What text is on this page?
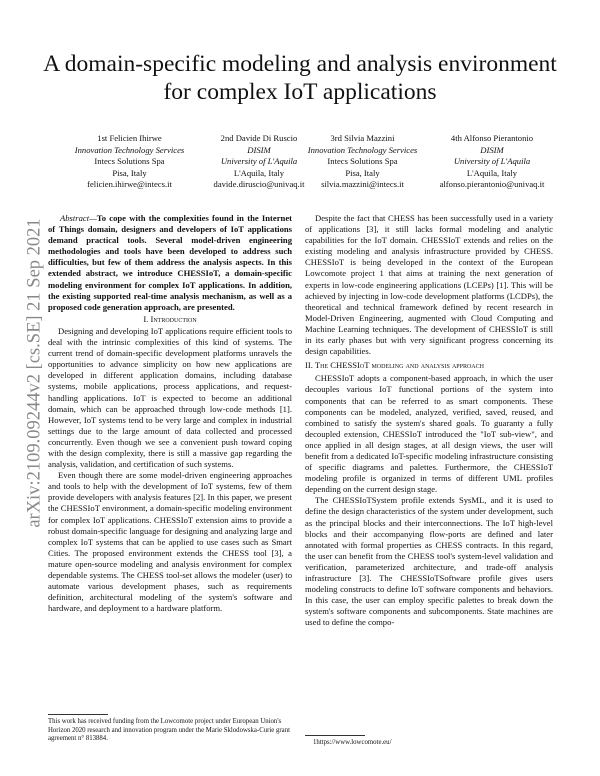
A domain-specific modeling and analysis environment for complex IoT applications
1st Felicien Ihirwe
Innovation Technology Services
Intecs Solutions Spa
Pisa, Italy
felicien.ihirwe@intecs.it
2nd Davide Di Ruscio
DISIM
University of L'Aquila
L'Aquila, Italy
davide.diruscio@univaq.it
3rd Silvia Mazzini
Innovation Technology Services
Intecs Solutions Spa
Pisa, Italy
silvia.mazzini@intecs.it
4th Alfonso Pierantonio
DISIM
University of L'Aquila
L'Aquila, Italy
alfonso.pierantonio@univaq.it
arXiv:2109.09244v2 [cs.SE] 21 Sep 2021

Abstract—To cope with the complexities found in the Internet of Things domain, designers and developers of IoT applications demand practical tools. Several model-driven engineering methodologies and tools have been developed to address such difficulties, but few of them address the analysis aspects. In this extended abstract, we introduce CHESSIoT, a domain-specific modeling environment for complex IoT applications. In addition, the existing supported real-time analysis mechanism, as well as a proposed code generation approach, are presented.

I. Introduction

Designing and developing IoT applications require efficient tools to deal with the intrinsic complexities of this kind of systems. The current trend of domain-specific development platforms unravels the opportunities to advance simplicity on how new applications are developed in different application domains, including database systems, mobile applications, process applications, and request-handling applications. IoT is expected to become an additional domain, which can be approached through low-code methods [1]. However, IoT systems tend to be very large and complex in industrial settings due to the large amount of data collected and processed concurrently. Even though we see a convenient push toward coping with the design complexity, there is still a massive gap regarding the analysis, validation, and certification of such systems.

Even though there are some model-driven engineering approaches and tools to help with the development of IoT systems, few of them provide developers with analysis features [2]. In this paper, we present the CHESSIoT environment, a domain-specific modeling environment for complex IoT applications. CHESSIoT extension aims to provide a robust domain-specific language for designing and analyzing large and complex IoT systems that can be applied to use cases such as Smart Cities. The proposed environment extends the CHESS tool [3], a mature open-source modeling and analysis environment for complex dependable systems. The CHESS tool-set allows the modeler (user) to automate various development phases, such as requirements definition, architectural modeling of the system's software and hardware, and deployment to a hardware platform.

This work has received funding from the Lowcomote project under European Union's Horizon 2020 research and innovation program under the Marie Sklodowska-Curie grant agreement n° 813884.

Despite the fact that CHESS has been successfully used in a variety of applications [3], it still lacks formal modeling and analytic capabilities for the IoT domain. CHESSIoT extends and relies on the existing modeling and analysis infrastructure provided by CHESS. CHESSIoT is being developed in the context of the European Lowcomote project 1 that aims at training the next generation of experts in low-code engineering applications (LCEPs) [1]. This will be achieved by injecting in low-code development platforms (LCDPs), the theoretical and technical framework defined by recent research in Model-Driven Engineering, augmented with Cloud Computing and Machine Learning techniques. The development of CHESSIoT is still in its early phases but with very significant progress concerning its design capabilities.

II. The CHESSIoT modeling and analysis approach

CHESSIoT adopts a component-based approach, in which the user decouples various IoT functional portions of the system into components that can be referred to as smart components. These components can be modeled, analyzed, verified, saved, reused, and combined to satisfy the system's shared goals. To guaranty a fully decoupled extension, CHESSIoT introduced the "IoT sub-view", and once applied in all design stages, at all design views, the user will benefit from a dedicated IoT-specific modeling infrastructure consisting of specific diagrams and palettes. Furthermore, the CHESSIoT modeling profile is organized in terms of different UML profiles depending on the current design stage.

The CHESSIoTSystem profile extends SysML, and it is used to define the design characteristics of the system under development, such as the principal blocks and their interconnections. The IoT high-level blocks and their accompanying flow-ports are defined and later annotated with formal properties as CHESS contracts. In this regard, the user can benefit from the CHESS tool's system-level validation and verification, parameterized architecture, and trade-off analysis infrastructure [3]. The CHESSIoTSoftware profile gives users modeling constructs to define IoT software components and behaviors. In this case, the user can employ specific palettes to break down the system's software components and subcomponents. State machines are used to define the compo-

1https://www.lowcomote.eu/
